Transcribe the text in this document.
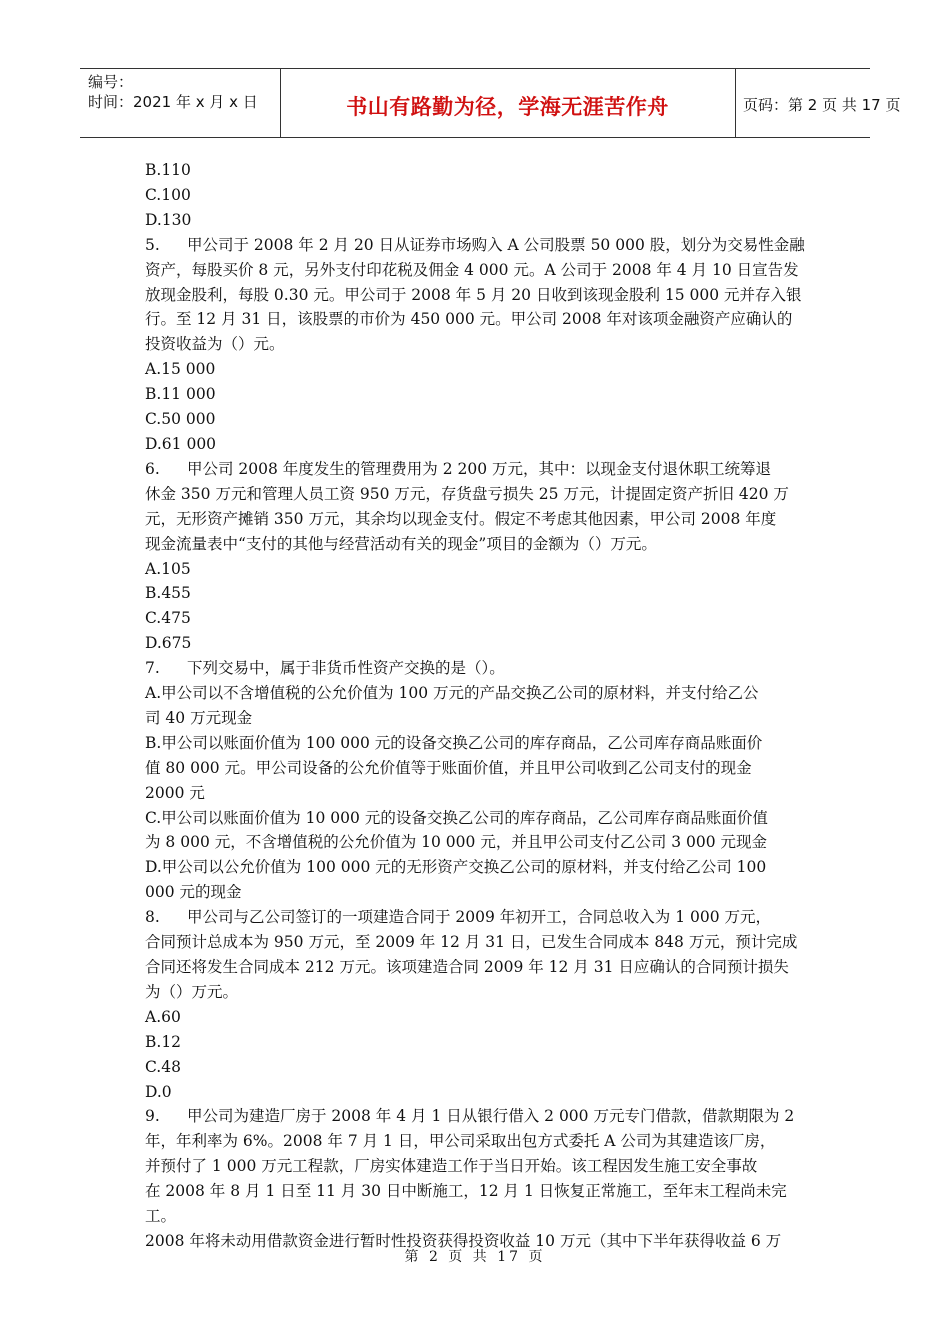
编号：
时间：2021 年 x 月 x 日	书山有路勤为径，学海无涯苦作舟	页码：第 2 页 共 17 页

B.110

C.100

D.130

5. 甲公司于 2008 年 2 月 20 日从证券市场购入 A 公司股票 50 000 股，划分为交易性金融

资产，每股买价 8 元，另外支付印花税及佣金 4 000 元。A 公司于 2008 年 4 月 10 日宣告发

放现金股利，每股 0.30 元。甲公司于 2008 年 5 月 20 日收到该现金股利 15 000 元并存入银

行。至 12 月 31 日，该股票的市价为 450 000 元。甲公司 2008 年对该项金融资产应确认的

投资收益为（）元。

A.15 000

B.11 000

C.50 000

D.61 000

6. 甲公司 2008 年度发生的管理费用为 2 200 万元，其中：以现金支付退休职工统筹退

休金 350 万元和管理人员工资 950 万元，存货盘亏损失 25 万元，计提固定资产折旧 420 万

元，无形资产摊销 350 万元，其余均以现金支付。假定不考虑其他因素，甲公司 2008 年度

现金流量表中“支付的其他与经营活动有关的现金”项目的金额为（）万元。

A.105

B.455

C.475

D.675

7. 下列交易中，属于非货币性资产交换的是（）。

A.甲公司以不含增值税的公允价值为 100 万元的产品交换乙公司的原材料，并支付给乙公

司 40 万元现金

B.甲公司以账面价值为 100 000 元的设备交换乙公司的库存商品，乙公司库存商品账面价

值 80 000 元。甲公司设备的公允价值等于账面价值，并且甲公司收到乙公司支付的现金

2000 元

C.甲公司以账面价值为 10 000 元的设备交换乙公司的库存商品，乙公司库存商品账面价值

为 8 000 元，不含增值税的公允价值为 10 000 元，并且甲公司支付乙公司 3 000 元现金

D.甲公司以公允价值为 100 000 元的无形资产交换乙公司的原材料，并支付给乙公司 100

000 元的现金

8. 甲公司与乙公司签订的一项建造合同于 2009 年初开工，合同总收入为 1 000 万元，

合同预计总成本为 950 万元，至 2009 年 12 月 31 日，已发生合同成本 848 万元，预计完成

合同还将发生合同成本 212 万元。该项建造合同 2009 年 12 月 31 日应确认的合同预计损失

为（）万元。

A.60

B.12

C.48

D.0

9. 甲公司为建造厂房于 2008 年 4 月 1 日从银行借入 2 000 万元专门借款，借款期限为 2

年，年利率为 6%。2008 年 7 月 1 日，甲公司采取出包方式委托 A 公司为其建造该厂房，

并预付了 1 000 万元工程款，厂房实体建造工作于当日开始。该工程因发生施工安全事故

在 2008 年 8 月 1 日至 11 月 30 日中断施工，12 月 1 日恢复正常施工，至年末工程尚未完工。

2008 年将未动用借款资金进行暂时性投资获得投资收益 10 万元（其中下半年获得收益 6 万

第 2 页 共 17 页
